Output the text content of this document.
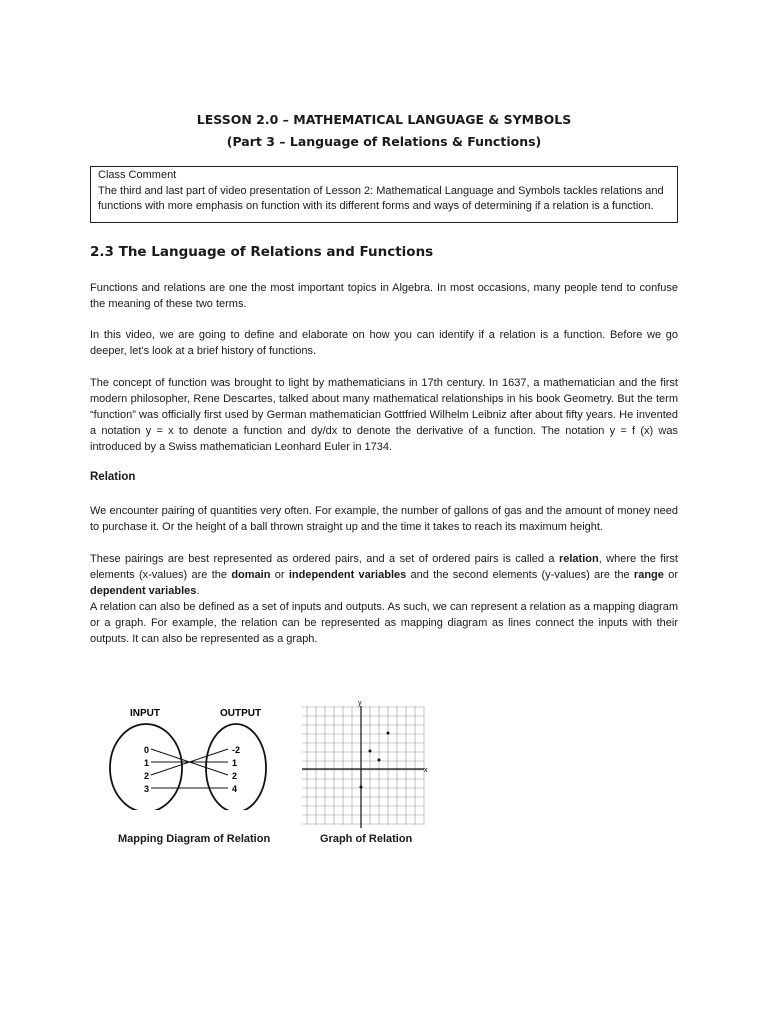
LESSON 2.0 – MATHEMATICAL LANGUAGE & SYMBOLS
(Part 3 – Language of Relations & Functions)
Class Comment
The third and last part of video presentation of Lesson 2: Mathematical Language and Symbols tackles relations and functions with more emphasis on function with its different forms and ways of determining if a relation is a function.
2.3 The Language of Relations and Functions

Functions and relations are one the most important topics in Algebra. In most occasions, many people tend to confuse the meaning of these two terms.

In this video, we are going to define and elaborate on how you can identify if a relation is a function. Before we go deeper, let’s look at a brief history of functions.

The concept of function was brought to light by mathematicians in 17th century. In 1637, a mathematician and the first modern philosopher, Rene Descartes, talked about many mathematical relationships in his book Geometry. But the term “function” was officially first used by German mathematician Gottfried Wilhelm Leibniz after about fifty years. He invented a notation y = x to denote a function and dy/dx to denote the derivative of a function. The notation y = f (x) was introduced by a Swiss mathematician Leonhard Euler in 1734.

Relation

We encounter pairing of quantities very often. For example, the number of gallons of gas and the amount of money need to purchase it. Or the height of a ball thrown straight up and the time it takes to reach its maximum height.

These pairings are best represented as ordered pairs, and a set of ordered pairs is called a relation, where the first elements (x-values) are the domain or independent variables and the second elements (y-values) are the range or dependent variables.

A relation can also be defined as a set of inputs and outputs. As such, we can represent a relation as a mapping diagram or a graph. For example, the relation can be represented as mapping diagram as lines connect the inputs with their outputs. It can also be represented as a graph.

INPUT	OUTPUT
0
1
2
3
-2
1
2
4
Mapping Diagram of Relation
x
y
Graph of Relation
